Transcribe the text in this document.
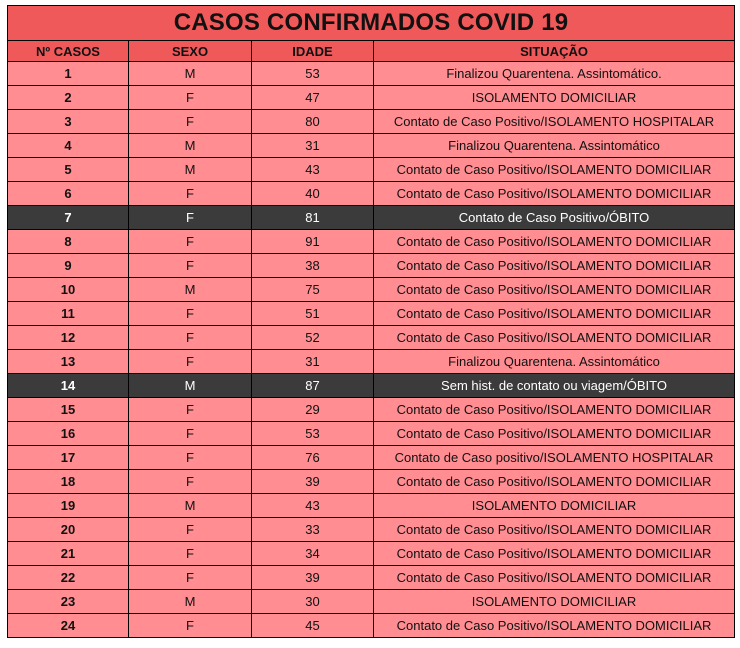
CASOS CONFIRMADOS COVID 19			
Nº CASOS	SEXO	IDADE	SITUAÇÃO
1	M	53	Finalizou Quarentena. Assintomático.
2	F	47	ISOLAMENTO DOMICILIAR
3	F	80	Contato de Caso Positivo/ISOLAMENTO HOSPITALAR
4	M	31	Finalizou Quarentena. Assintomático
5	M	43	Contato de Caso Positivo/ISOLAMENTO DOMICILIAR
6	F	40	Contato de Caso Positivo/ISOLAMENTO DOMICILIAR
7	F	81	Contato de Caso Positivo/ÓBITO
8	F	91	Contato de Caso Positivo/ISOLAMENTO DOMICILIAR
9	F	38	Contato de Caso Positivo/ISOLAMENTO DOMICILIAR
10	M	75	Contato de Caso Positivo/ISOLAMENTO DOMICILIAR
11	F	51	Contato de Caso Positivo/ISOLAMENTO DOMICILIAR
12	F	52	Contato de Caso Positivo/ISOLAMENTO DOMICILIAR
13	F	31	Finalizou Quarentena. Assintomático
14	M	87	Sem hist. de contato ou viagem/ÓBITO
15	F	29	Contato de Caso Positivo/ISOLAMENTO DOMICILIAR
16	F	53	Contato de Caso Positivo/ISOLAMENTO DOMICILIAR
17	F	76	Contato de Caso positivo/ISOLAMENTO HOSPITALAR
18	F	39	Contato de Caso Positivo/ISOLAMENTO DOMICILIAR
19	M	43	ISOLAMENTO DOMICILIAR
20	F	33	Contato de Caso Positivo/ISOLAMENTO DOMICILIAR
21	F	34	Contato de Caso Positivo/ISOLAMENTO DOMICILIAR
22	F	39	Contato de Caso Positivo/ISOLAMENTO DOMICILIAR
23	M	30	ISOLAMENTO DOMICILIAR
24	F	45	Contato de Caso Positivo/ISOLAMENTO DOMICILIAR
